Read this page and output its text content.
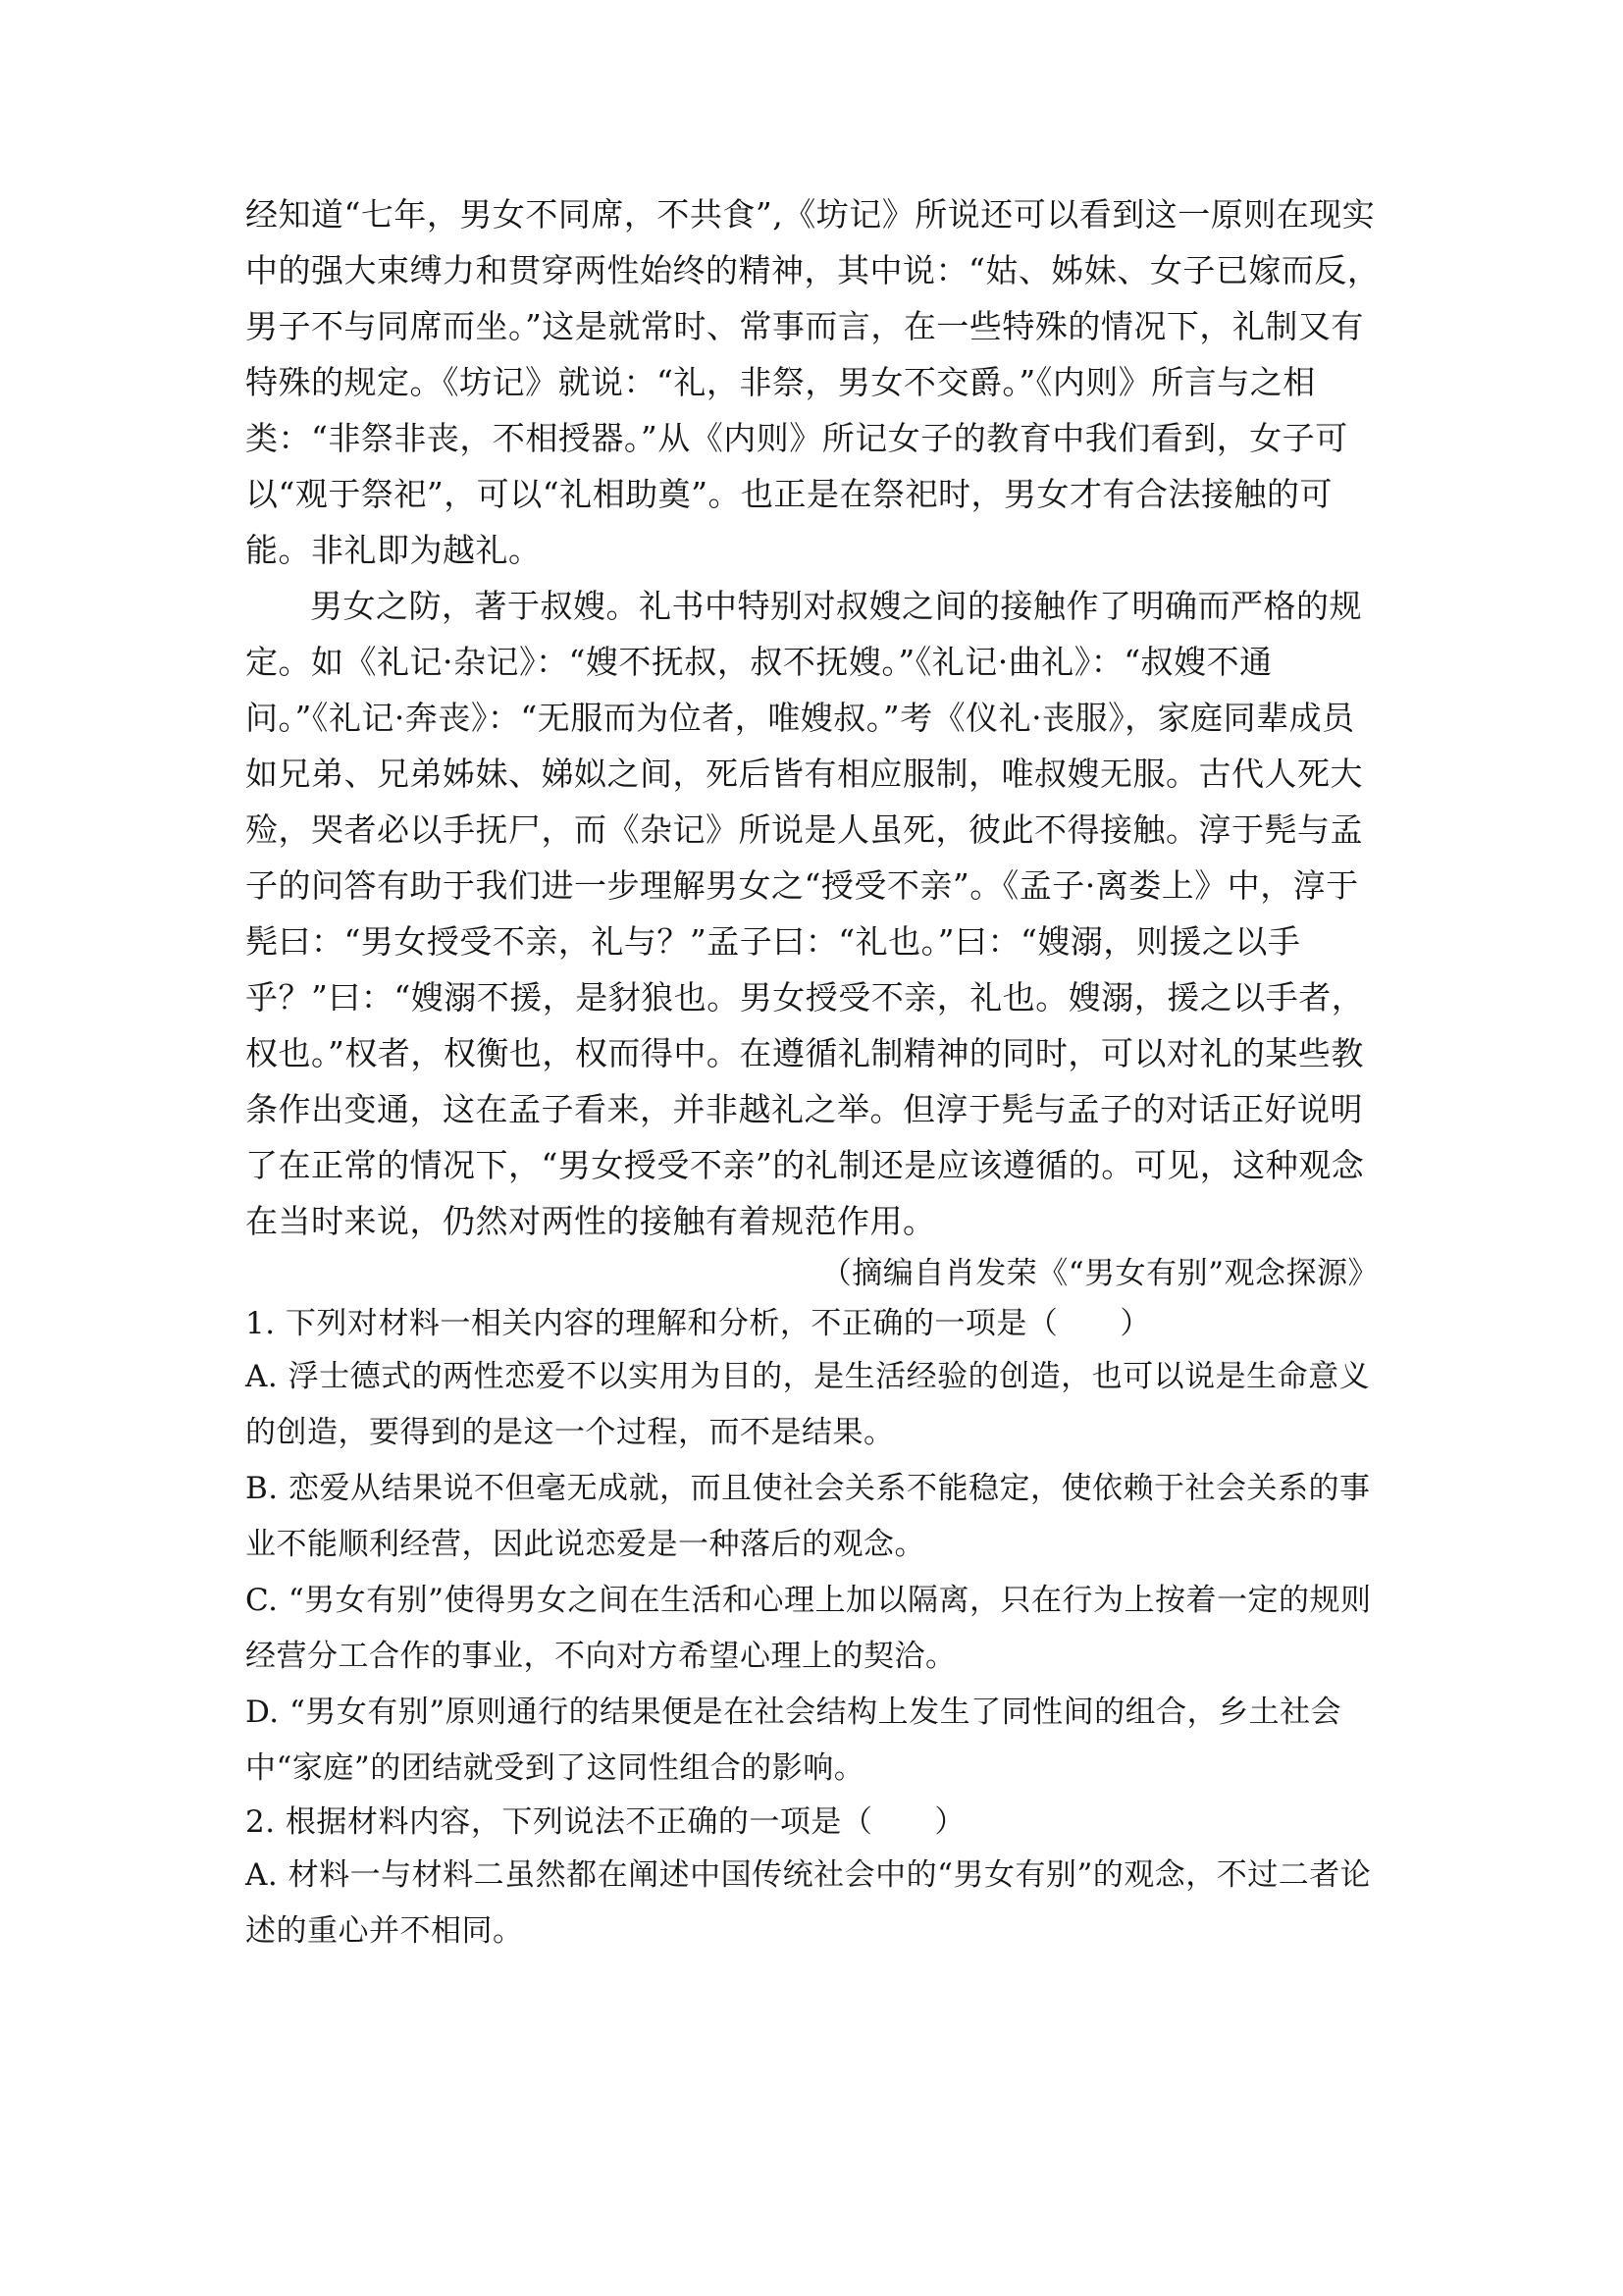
经知道“七年，男女不同席，不共食”,《坊记》所说还可以看到这一原则在现实中的强大束缚力和贯穿两性始终的精神，其中说：“姑、姊妹、女子已嫁而反，男子不与同席而坐。”这是就常时、常事而言，在一些特殊的情况下，礼制又有特殊的规定。《坊记》就说：“礼，非祭，男女不交爵。”《内则》所言与之相类：“非祭非丧，不相授器。”从《内则》所记女子的教育中我们看到，女子可以“观于祭祀”，可以“礼相助奠”。也正是在祭祀时，男女才有合法接触的可能。非礼即为越礼。

男女之防，著于叔嫂。礼书中特别对叔嫂之间的接触作了明确而严格的规定。如《礼记·杂记》：“嫂不抚叔，叔不抚嫂。”《礼记·曲礼》：“叔嫂不通问。”《礼记·奔丧》：“无服而为位者，唯嫂叔。”考《仪礼·丧服》，家庭同辈成员如兄弟、兄弟姊妹、娣姒之间，死后皆有相应服制，唯叔嫂无服。古代人死大殓，哭者必以手抚尸，而《杂记》所说是人虽死，彼此不得接触。淳于髡与孟子的问答有助于我们进一步理解男女之“授受不亲”。《孟子·离娄上》中，淳于髡曰：“男女授受不亲，礼与？”孟子曰：“礼也。”曰：“嫂溺，则援之以手乎？”曰：“嫂溺不援，是豺狼也。男女授受不亲，礼也。嫂溺，援之以手者，权也。”权者，权衡也，权而得中。在遵循礼制精神的同时，可以对礼的某些教条作出变通，这在孟子看来，并非越礼之举。但淳于髡与孟子的对话正好说明了在正常的情况下，“男女授受不亲”的礼制还是应该遵循的。可见，这种观念在当时来说，仍然对两性的接触有着规范作用。

（摘编自肖发荣《“男女有别”观念探源》

1. 下列对材料一相关内容的理解和分析，不正确的一项是（　　）

A. 浮士德式的两性恋爱不以实用为目的，是生活经验的创造，也可以说是生命意义的创造，要得到的是这一个过程，而不是结果。

B. 恋爱从结果说不但毫无成就，而且使社会关系不能稳定，使依赖于社会关系的事业不能顺利经营，因此说恋爱是一种落后的观念。

C. “男女有别”使得男女之间在生活和心理上加以隔离，只在行为上按着一定的规则经营分工合作的事业，不向对方希望心理上的契洽。

D. “男女有别”原则通行的结果便是在社会结构上发生了同性间的组合，乡土社会中“家庭”的团结就受到了这同性组合的影响。

2. 根据材料内容，下列说法不正确的一项是（　　）

A. 材料一与材料二虽然都在阐述中国传统社会中的“男女有别”的观念，不过二者论述的重心并不相同。
